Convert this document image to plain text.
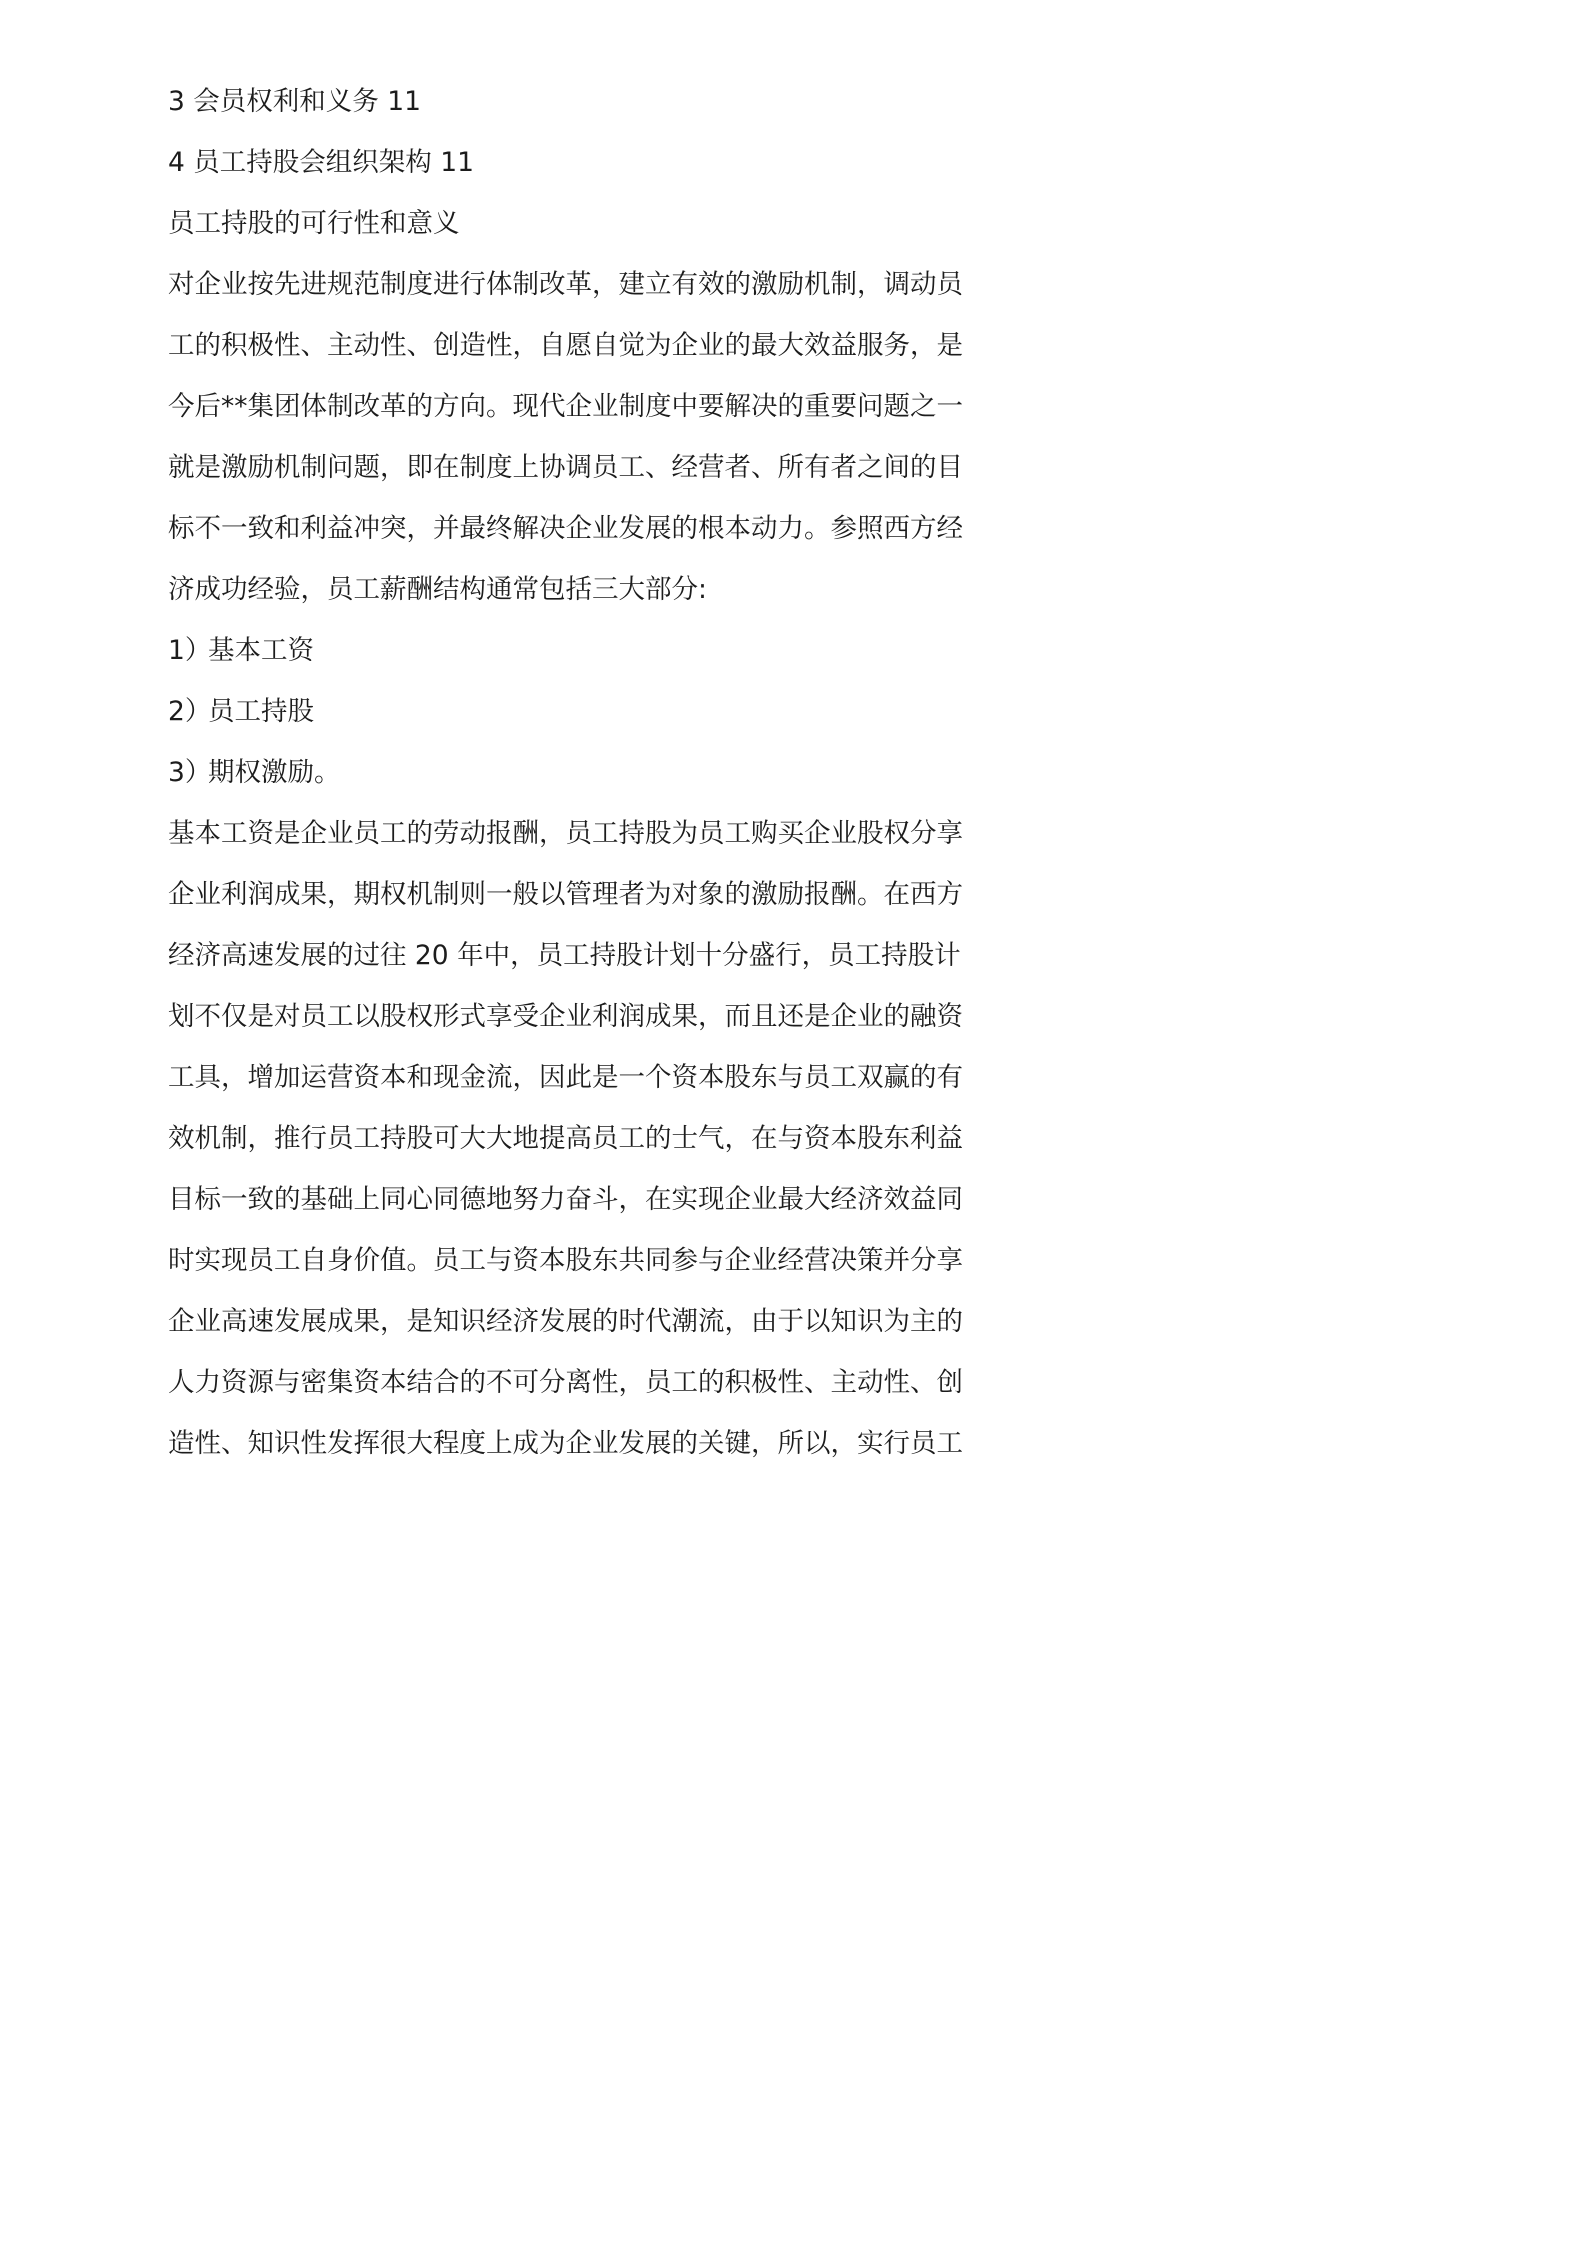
3 会员权利和义务 11
4 员工持股会组织架构 11
员工持股的可行性和意义
对企业按先进规范制度进行体制改革，建立有效的激励机制，调动员
工的积极性、主动性、创造性，自愿自觉为企业的最大效益服务，是
今后**集团体制改革的方向。现代企业制度中要解决的重要问题之一
就是激励机制问题，即在制度上协调员工、经营者、所有者之间的目
标不一致和利益冲突，并最终解决企业发展的根本动力。参照西方经
济成功经验，员工薪酬结构通常包括三大部分:
1）基本工资
2）员工持股
3）期权激励。
基本工资是企业员工的劳动报酬，员工持股为员工购买企业股权分享
企业利润成果，期权机制则一般以管理者为对象的激励报酬。在西方
经济高速发展的过往 20 年中，员工持股计划十分盛行，员工持股计
划不仅是对员工以股权形式享受企业利润成果，而且还是企业的融资
工具，增加运营资本和现金流，因此是一个资本股东与员工双赢的有
效机制，推行员工持股可大大地提高员工的士气，在与资本股东利益
目标一致的基础上同心同德地努力奋斗，在实现企业最大经济效益同
时实现员工自身价值。员工与资本股东共同参与企业经营决策并分享
企业高速发展成果，是知识经济发展的时代潮流，由于以知识为主的
人力资源与密集资本结合的不可分离性，员工的积极性、主动性、创
造性、知识性发挥很大程度上成为企业发展的关键，所以，实行员工
